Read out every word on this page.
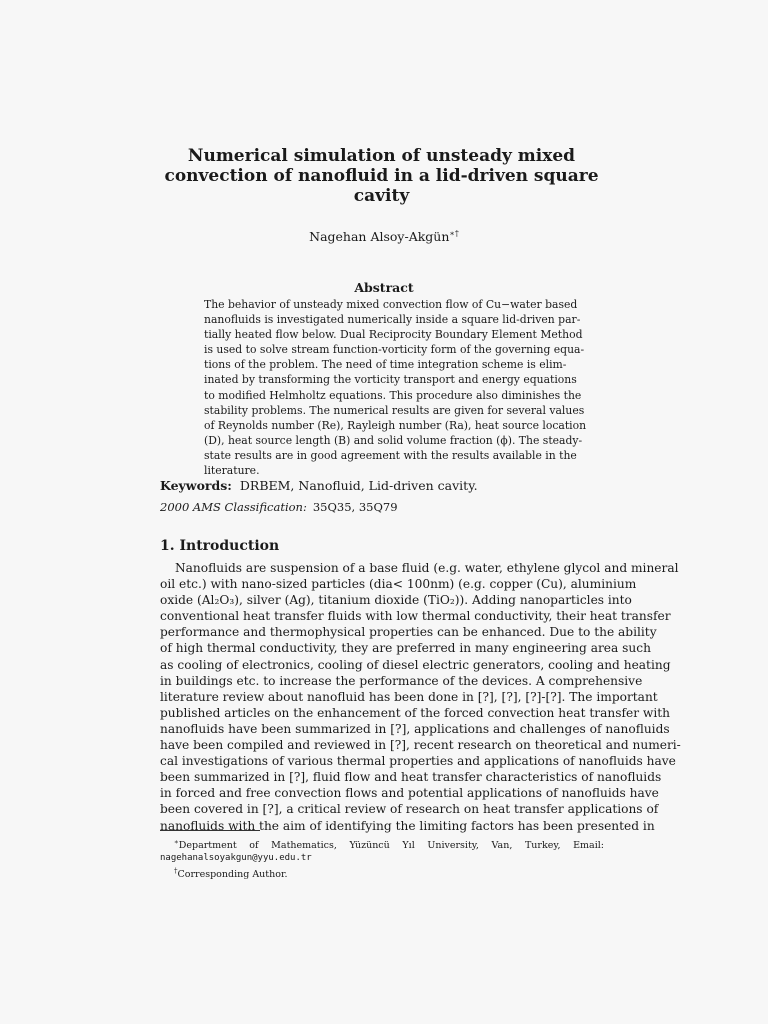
Numerical simulation of unsteady mixed
convection of nanofluid in a lid-driven square
cavity
Nagehan Alsoy-Akgün∗†
Abstract
The behavior of unsteady mixed convection flow of Cu−water based
nanofluids is investigated numerically inside a square lid-driven par-
tially heated flow below. Dual Reciprocity Boundary Element Method
is used to solve stream function-vorticity form of the governing equa-
tions of the problem. The need of time integration scheme is elim-
inated by transforming the vorticity transport and energy equations
to modified Helmholtz equations. This procedure also diminishes the
stability problems. The numerical results are given for several values
of Reynolds number (Re), Rayleigh number (Ra), heat source location
(D), heat source length (B) and solid volume fraction (ϕ). The steady-
state results are in good agreement with the results available in the
literature.
Keywords: DRBEM, Nanofluid, Lid-driven cavity.
2000 AMS Classification: 35Q35, 35Q79
1. Introduction
Nanofluids are suspension of a base fluid (e.g. water, ethylene glycol and mineral
oil etc.) with nano-sized particles (dia< 100nm) (e.g. copper (Cu), aluminium
oxide (Al₂O₃), silver (Ag), titanium dioxide (TiO₂)). Adding nanoparticles into
conventional heat transfer fluids with low thermal conductivity, their heat transfer
performance and thermophysical properties can be enhanced. Due to the ability
of high thermal conductivity, they are preferred in many engineering area such
as cooling of electronics, cooling of diesel electric generators, cooling and heating
in buildings etc. to increase the performance of the devices. A comprehensive
literature review about nanofluid has been done in [?], [?], [?]-[?]. The important
published articles on the enhancement of the forced convection heat transfer with
nanofluids have been summarized in [?], applications and challenges of nanofluids
have been compiled and reviewed in [?], recent research on theoretical and numeri-
cal investigations of various thermal properties and applications of nanofluids have
been summarized in [?], fluid flow and heat transfer characteristics of nanofluids
in forced and free convection flows and potential applications of nanofluids have
been covered in [?], a critical review of research on heat transfer applications of
nanofluids with the aim of identifying the limiting factors has been presented in
∗Department of Mathematics, Yüzüncü Yıl University, Van, Turkey, Email:
nagehanalsoyakgun@yyu.edu.tr
†Corresponding Author.
